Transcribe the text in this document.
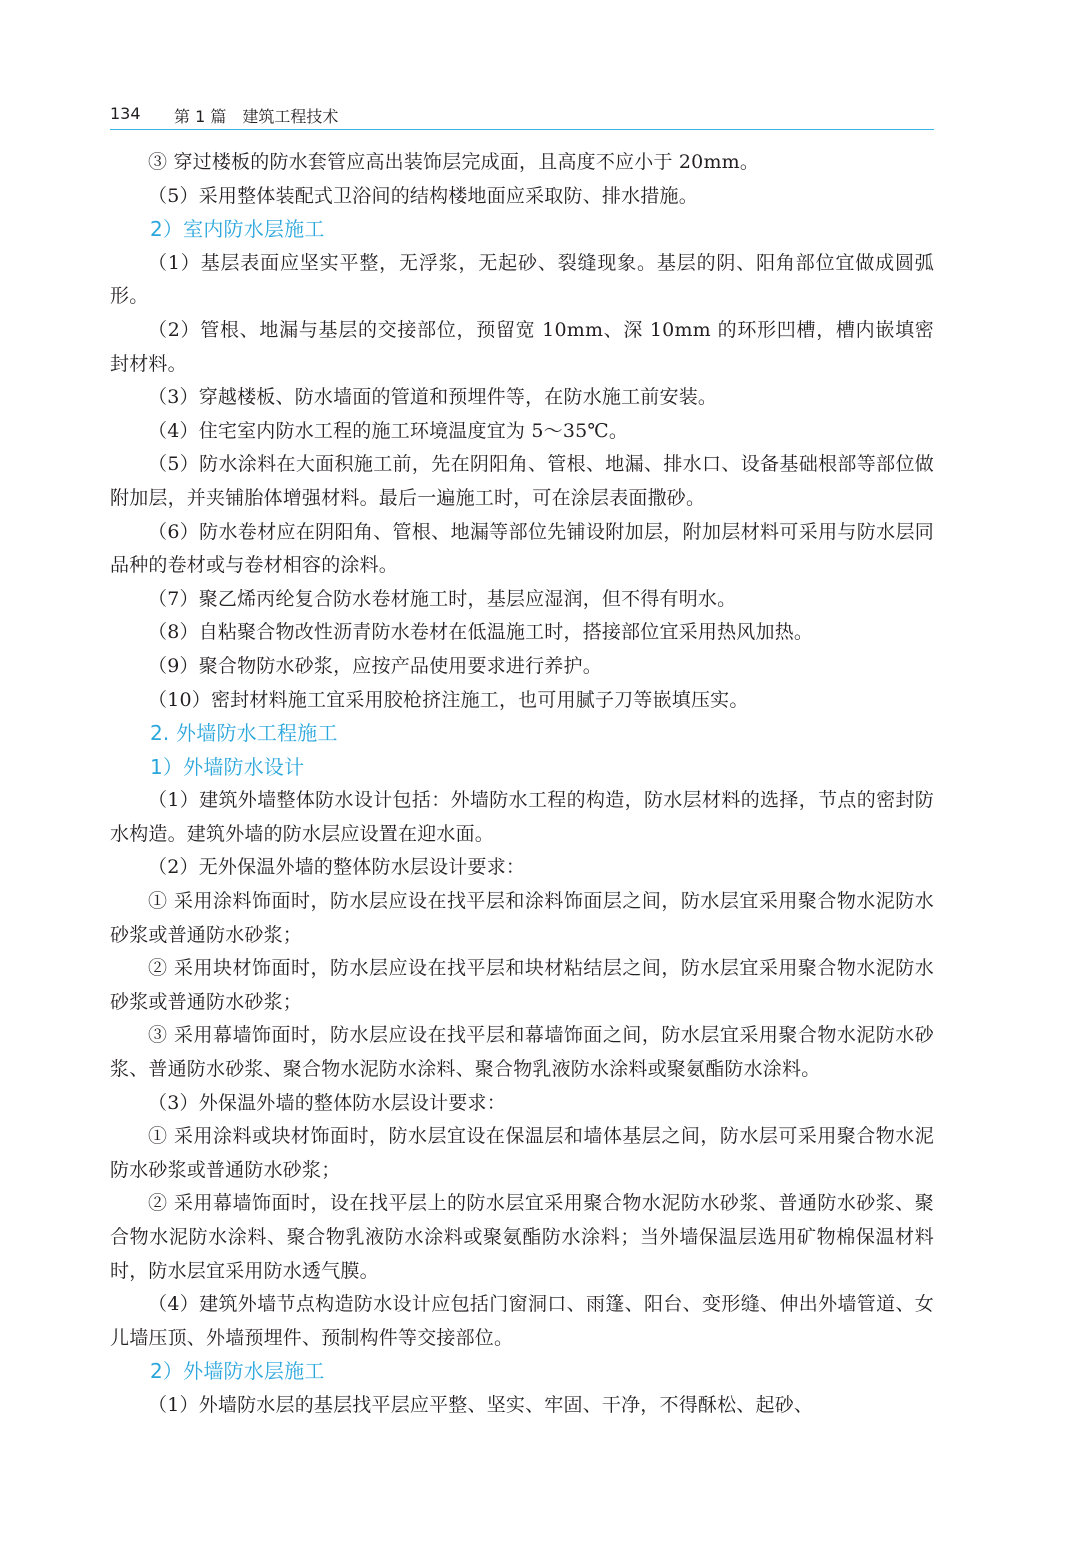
134 第 1 篇　建筑工程技术

③ 穿过楼板的防水套管应高出装饰层完成面，且高度不应小于 20mm。

（5）采用整体装配式卫浴间的结构楼地面应采取防、排水措施。

2）室内防水层施工

（1）基层表面应坚实平整，无浮浆，无起砂、裂缝现象。基层的阴、阳角部位宜做成圆弧形。

（2）管根、地漏与基层的交接部位，预留宽 10mm、深 10mm 的环形凹槽，槽内嵌填密封材料。

（3）穿越楼板、防水墙面的管道和预埋件等，在防水施工前安装。

（4）住宅室内防水工程的施工环境温度宜为 5～35℃。

（5）防水涂料在大面积施工前，先在阴阳角、管根、地漏、排水口、设备基础根部等部位做附加层，并夹铺胎体增强材料。最后一遍施工时，可在涂层表面撒砂。

（6）防水卷材应在阴阳角、管根、地漏等部位先铺设附加层，附加层材料可采用与防水层同品种的卷材或与卷材相容的涂料。

（7）聚乙烯丙纶复合防水卷材施工时，基层应湿润，但不得有明水。

（8）自粘聚合物改性沥青防水卷材在低温施工时，搭接部位宜采用热风加热。

（9）聚合物防水砂浆，应按产品使用要求进行养护。

（10）密封材料施工宜采用胶枪挤注施工，也可用腻子刀等嵌填压实。

2. 外墙防水工程施工

1）外墙防水设计

（1）建筑外墙整体防水设计包括：外墙防水工程的构造，防水层材料的选择，节点的密封防水构造。建筑外墙的防水层应设置在迎水面。

（2）无外保温外墙的整体防水层设计要求：

① 采用涂料饰面时，防水层应设在找平层和涂料饰面层之间，防水层宜采用聚合物水泥防水砂浆或普通防水砂浆；

② 采用块材饰面时，防水层应设在找平层和块材粘结层之间，防水层宜采用聚合物水泥防水砂浆或普通防水砂浆；

③ 采用幕墙饰面时，防水层应设在找平层和幕墙饰面之间，防水层宜采用聚合物水泥防水砂浆、普通防水砂浆、聚合物水泥防水涂料、聚合物乳液防水涂料或聚氨酯防水涂料。

（3）外保温外墙的整体防水层设计要求：

① 采用涂料或块材饰面时，防水层宜设在保温层和墙体基层之间，防水层可采用聚合物水泥防水砂浆或普通防水砂浆；

② 采用幕墙饰面时，设在找平层上的防水层宜采用聚合物水泥防水砂浆、普通防水砂浆、聚合物水泥防水涂料、聚合物乳液防水涂料或聚氨酯防水涂料；当外墙保温层选用矿物棉保温材料时，防水层宜采用防水透气膜。

（4）建筑外墙节点构造防水设计应包括门窗洞口、雨篷、阳台、变形缝、伸出外墙管道、女儿墙压顶、外墙预埋件、预制构件等交接部位。

2）外墙防水层施工

（1）外墙防水层的基层找平层应平整、坚实、牢固、干净，不得酥松、起砂、
